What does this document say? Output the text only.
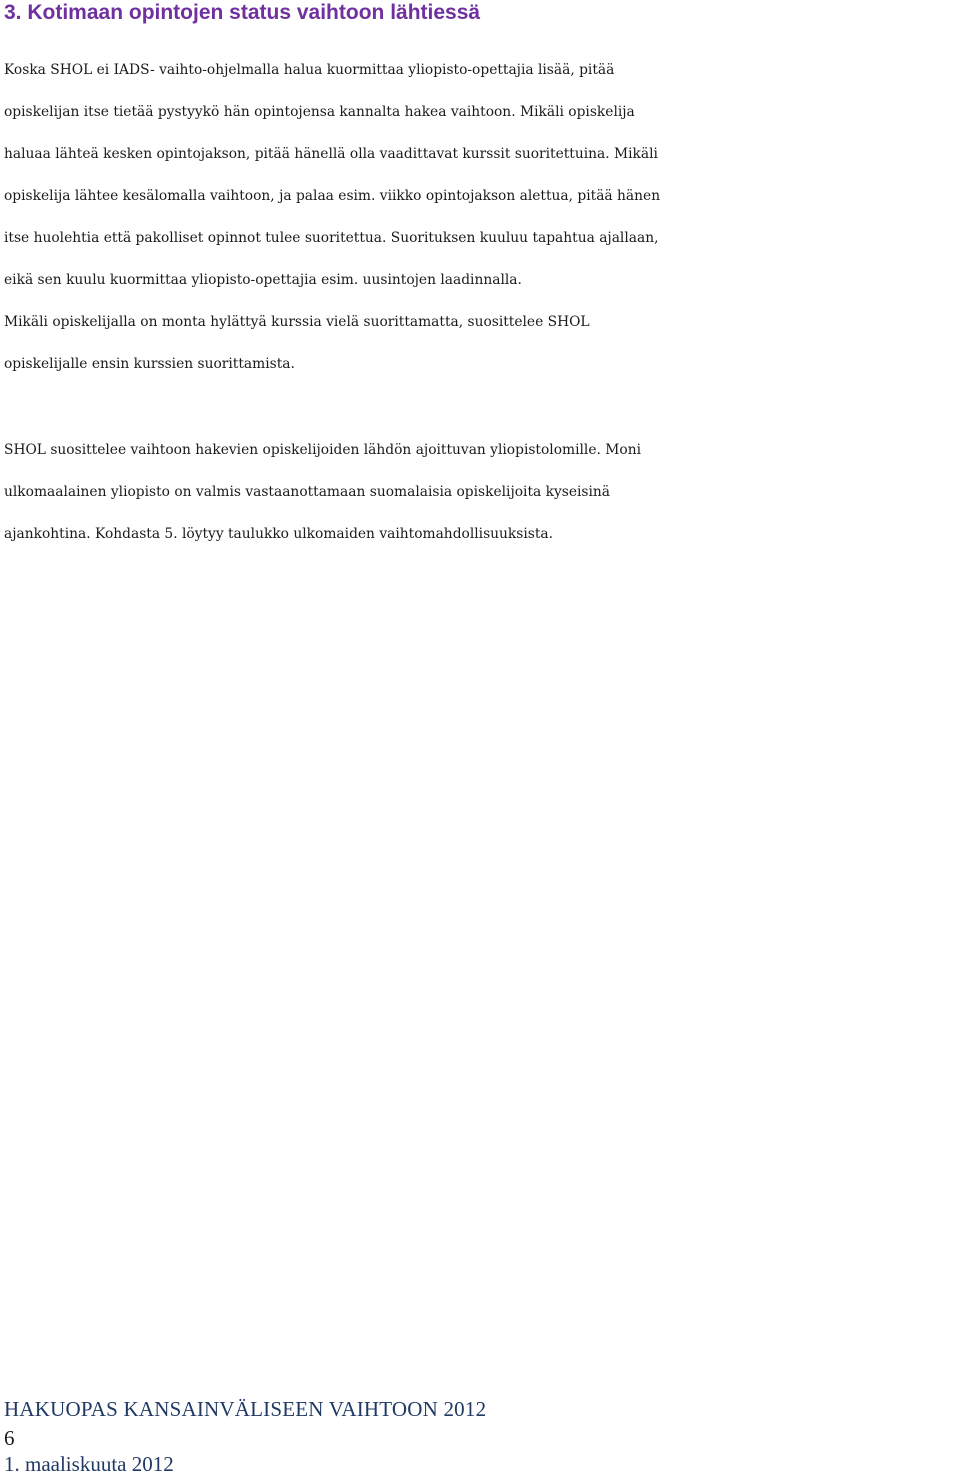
3. Kotimaan opintojen status vaihtoon lähtiessä

Koska SHOL ei IADS- vaihto-ohjelmalla halua kuormittaa yliopisto-opettajia lisää, pitää
opiskelijan itse tietää pystyykö hän opintojensa kannalta hakea vaihtoon. Mikäli opiskelija
haluaa lähteä kesken opintojakson, pitää hänellä olla vaadittavat kurssit suoritettuina. Mikäli
opiskelija lähtee kesälomalla vaihtoon, ja palaa esim. viikko opintojakson alettua, pitää hänen
itse huolehtia että pakolliset opinnot tulee suoritettua. Suorituksen kuuluu tapahtua ajallaan,
eikä sen kuulu kuormittaa yliopisto-opettajia esim. uusintojen laadinnalla.
Mikäli opiskelijalla on monta hylättyä kurssia vielä suorittamatta, suosittelee SHOL
opiskelijalle ensin kurssien suorittamista.

SHOL suosittelee vaihtoon hakevien opiskelijoiden lähdön ajoittuvan yliopistolomille. Moni
ulkomaalainen yliopisto on valmis vastaanottamaan suomalaisia opiskelijoita kyseisinä
ajankohtina. Kohdasta 5. löytyy taulukko ulkomaiden vaihtomahdollisuuksista.

HAKUOPAS KANSAINVÄLISEEN VAIHTOON 2012
6
1. maaliskuuta 2012
